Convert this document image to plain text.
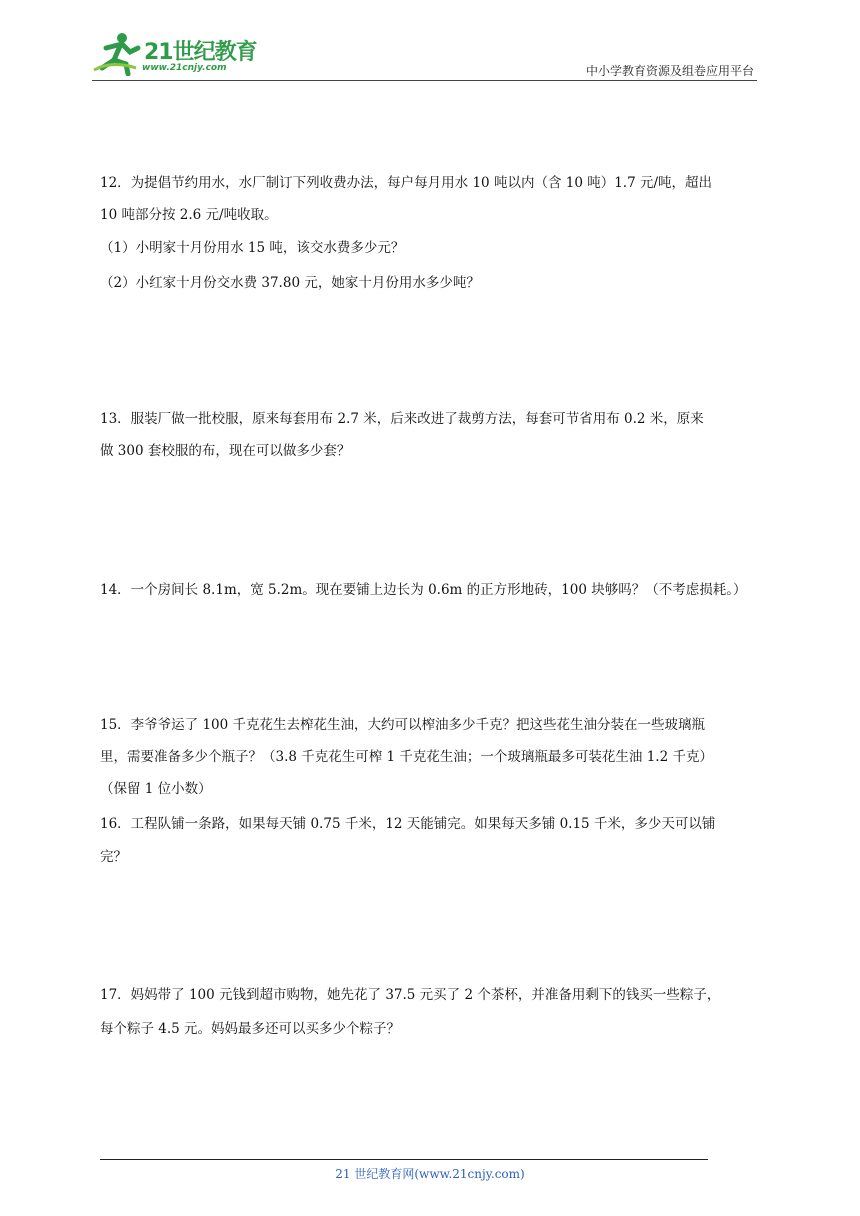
21世纪教育
www.21cnjy.com	中小学教育资源及组卷应用平台
12．为提倡节约用水，水厂制订下列收费办法，每户每月用水 10 吨以内（含 10 吨）1.7 元/吨，超出
10 吨部分按 2.6 元/吨收取。
（1）小明家十月份用水 15 吨，该交水费多少元？
（2）小红家十月份交水费 37.80 元，她家十月份用水多少吨？
13．服装厂做一批校服，原来每套用布 2.7 米，后来改进了裁剪方法，每套可节省用布 0.2 米，原来
做 300 套校服的布，现在可以做多少套？
14．一个房间长 8.1m，宽 5.2m。现在要铺上边长为 0.6m 的正方形地砖，100 块够吗？（不考虑损耗。）
15．李爷爷运了 100 千克花生去榨花生油，大约可以榨油多少千克？把这些花生油分装在一些玻璃瓶
里，需要准备多少个瓶子？（3.8 千克花生可榨 1 千克花生油；一个玻璃瓶最多可装花生油 1.2 千克）
（保留 1 位小数）
16．工程队铺一条路，如果每天铺 0.75 千米，12 天能铺完。如果每天多铺 0.15 千米，多少天可以铺
完？
17．妈妈带了 100 元钱到超市购物，她先花了 37.5 元买了 2 个茶杯，并准备用剩下的钱买一些粽子，
每个粽子 4.5 元。妈妈最多还可以买多少个粽子？
21 世纪教育网(www.21cnjy.com)
